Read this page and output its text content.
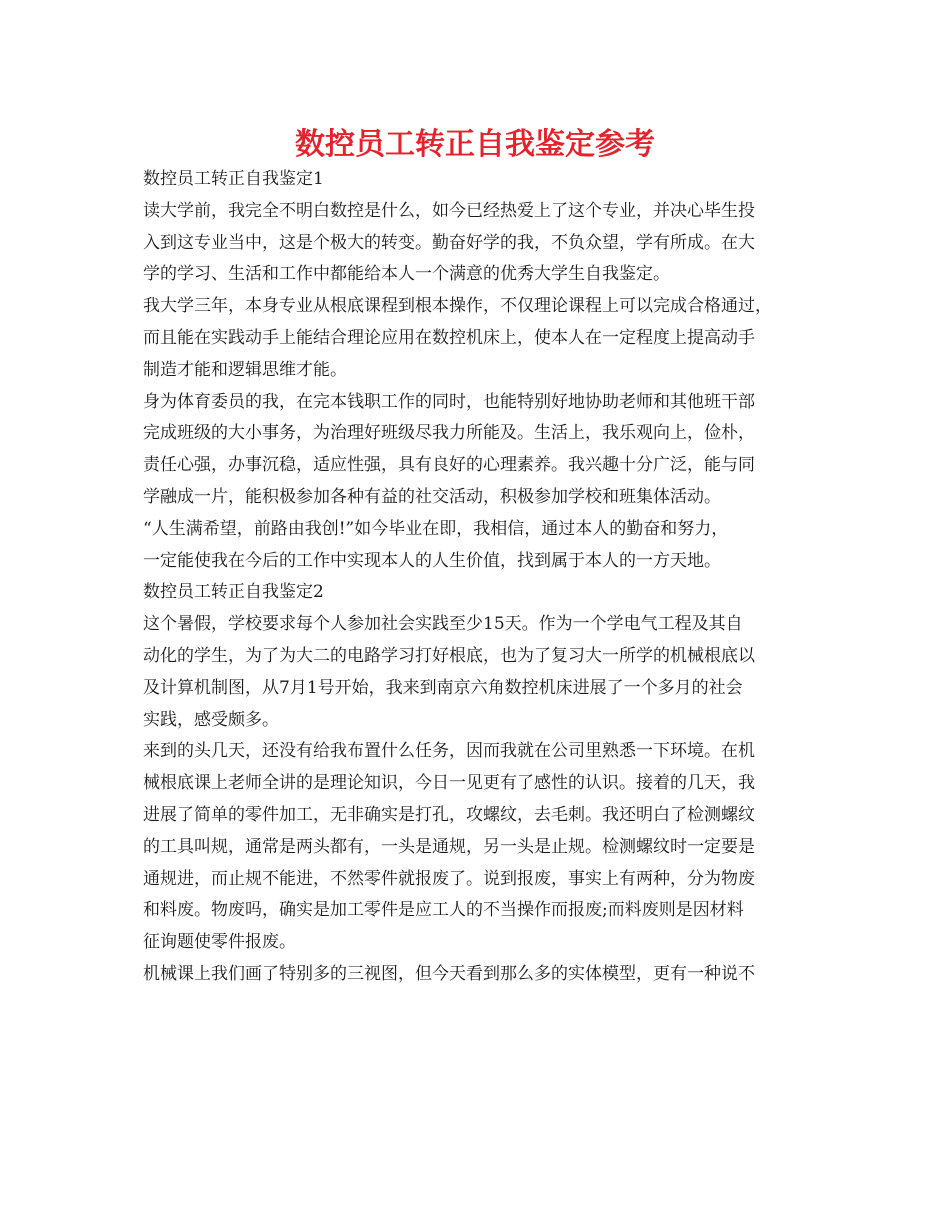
数控员工转正自我鉴定参考
数控员工转正自我鉴定1
读大学前，我完全不明白数控是什么，如今已经热爱上了这个专业，并决心毕生投
入到这专业当中，这是个极大的转变。勤奋好学的我，不负众望，学有所成。在大
学的学习、生活和工作中都能给本人一个满意的优秀大学生自我鉴定。
我大学三年，本身专业从根底课程到根本操作，不仅理论课程上可以完成合格通过，
而且能在实践动手上能结合理论应用在数控机床上，使本人在一定程度上提高动手
制造才能和逻辑思维才能。
身为体育委员的我，在完本钱职工作的同时，也能特别好地协助老师和其他班干部
完成班级的大小事务，为治理好班级尽我力所能及。生活上，我乐观向上，俭朴，
责任心强，办事沉稳，适应性强，具有良好的心理素养。我兴趣十分广泛，能与同
学融成一片，能积极参加各种有益的社交活动，积极参加学校和班集体活动。
“人生满希望，前路由我创!”如今毕业在即，我相信，通过本人的勤奋和努力，
一定能使我在今后的工作中实现本人的人生价值，找到属于本人的一方天地。
数控员工转正自我鉴定2
这个暑假，学校要求每个人参加社会实践至少15天。作为一个学电气工程及其自
动化的学生，为了为大二的电路学习打好根底，也为了复习大一所学的机械根底以
及计算机制图，从7月1号开始，我来到南京六角数控机床进展了一个多月的社会
实践，感受颇多。
来到的头几天，还没有给我布置什么任务，因而我就在公司里熟悉一下环境。在机
械根底课上老师全讲的是理论知识，今日一见更有了感性的认识。接着的几天，我
进展了简单的零件加工，无非确实是打孔，攻螺纹，去毛刺。我还明白了检测螺纹
的工具叫规，通常是两头都有，一头是通规，另一头是止规。检测螺纹时一定要是
通规进，而止规不能进，不然零件就报废了。说到报废，事实上有两种，分为物废
和料废。物废吗，确实是加工零件是应工人的不当操作而报废;而料废则是因材料
征询题使零件报废。
机械课上我们画了特别多的三视图，但今天看到那么多的实体模型，更有一种说不
